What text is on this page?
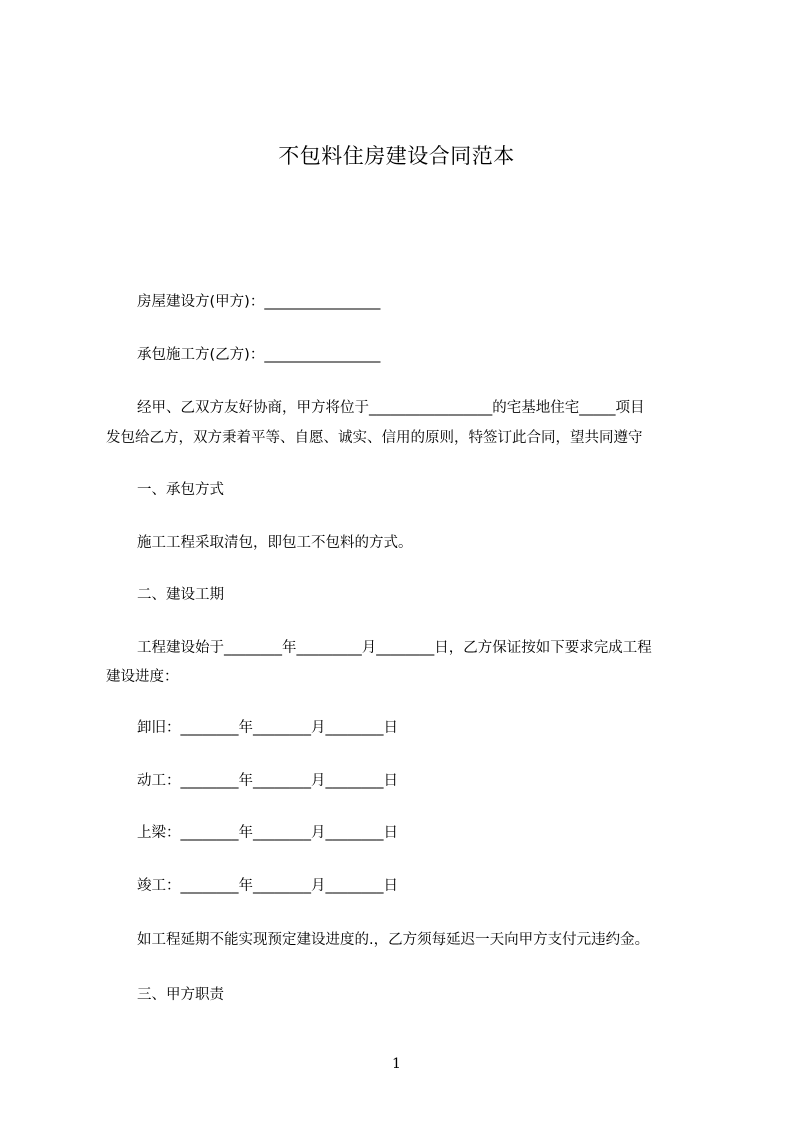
不包料住房建设合同范本
房屋建设方(甲方)：________________
承包施工方(乙方)：________________
经甲、乙双方友好协商，甲方将位于_________________的宅基地住宅_____项目
发包给乙方，双方秉着平等、自愿、诚实、信用的原则，特签订此合同，望共同遵守
一、承包方式
施工工程采取清包，即包工不包料的方式。
二、建设工期
工程建设始于________年_________月________日，乙方保证按如下要求完成工程
建设进度：
卸旧：________年________月________日
动工：________年________月________日
上梁：________年________月________日
竣工：________年________月________日
如工程延期不能实现预定建设进度的.，乙方须每延迟一天向甲方支付元违约金。
三、甲方职责
1
